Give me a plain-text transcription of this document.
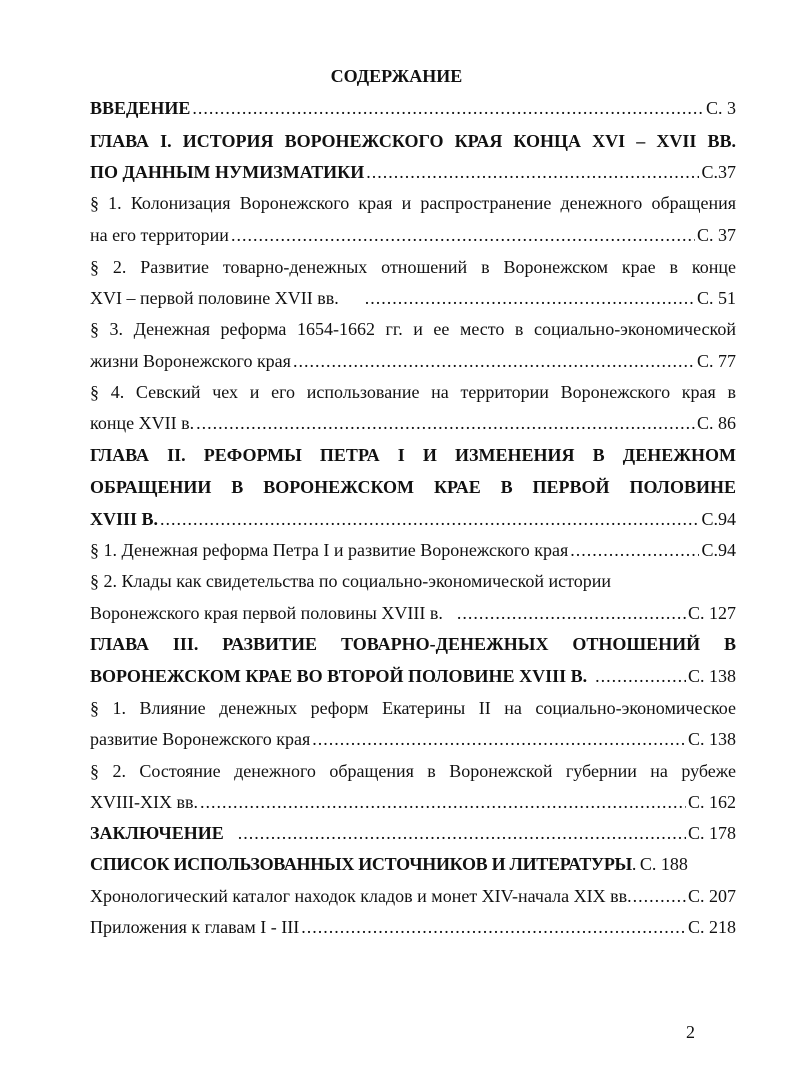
СОДЕРЖАНИЕ
ВВЕДЕНИЕ .....	С. 3
ГЛАВА I. ИСТОРИЯ ВОРОНЕЖСКОГО КРАЯ КОНЦА XVI – XVII ВВ.
ПО ДАННЫМ НУМИЗМАТИКИ .....	С.37
§ 1. Колонизация Воронежского края и распространение денежного обращения
на его территории .....	С. 37
§ 2. Развитие товарно-денежных отношений в Воронежском крае в конце
XVI – первой половине XVII вв. .....	С. 51
§ 3. Денежная реформа 1654-1662 гг. и ее место в социально-экономической
жизни Воронежского края .....	С. 77
§ 4. Севский чех и его использование на территории Воронежского края в
конце XVII в. .....	С. 86
ГЛАВА II. РЕФОРМЫ ПЕТРА I И ИЗМЕНЕНИЯ В ДЕНЕЖНОМ
ОБРАЩЕНИИ В ВОРОНЕЖСКОМ КРАЕ В ПЕРВОЙ ПОЛОВИНЕ
XVIII В. .....	С.94
§ 1. Денежная реформа Петра I и развитие Воронежского края .....	С.94
§ 2. Клады как свидетельства по социально-экономической истории
Воронежского края первой половины XVIII в. .....	С. 127
ГЛАВА III. РАЗВИТИЕ ТОВАРНО-ДЕНЕЖНЫХ ОТНОШЕНИЙ В
ВОРОНЕЖСКОМ КРАЕ ВО ВТОРОЙ ПОЛОВИНЕ XVIII В. .....	С. 138
§ 1. Влияние денежных реформ Екатерины II на социально-экономическое
развитие Воронежского края .....	С. 138
§ 2. Состояние денежного обращения в Воронежской губернии на рубеже
XVIII-XIX вв. .....	С. 162
ЗАКЛЮЧЕНИЕ .....	С. 178
СПИСОК ИСПОЛЬЗОВАННЫХ ИСТОЧНИКОВ И ЛИТЕРАТУРЫ ..... С. 188
Хронологический каталог находок кладов и монет XIV-начала XIX вв .....	С. 207
Приложения к главам I - III .....	С. 218
2
